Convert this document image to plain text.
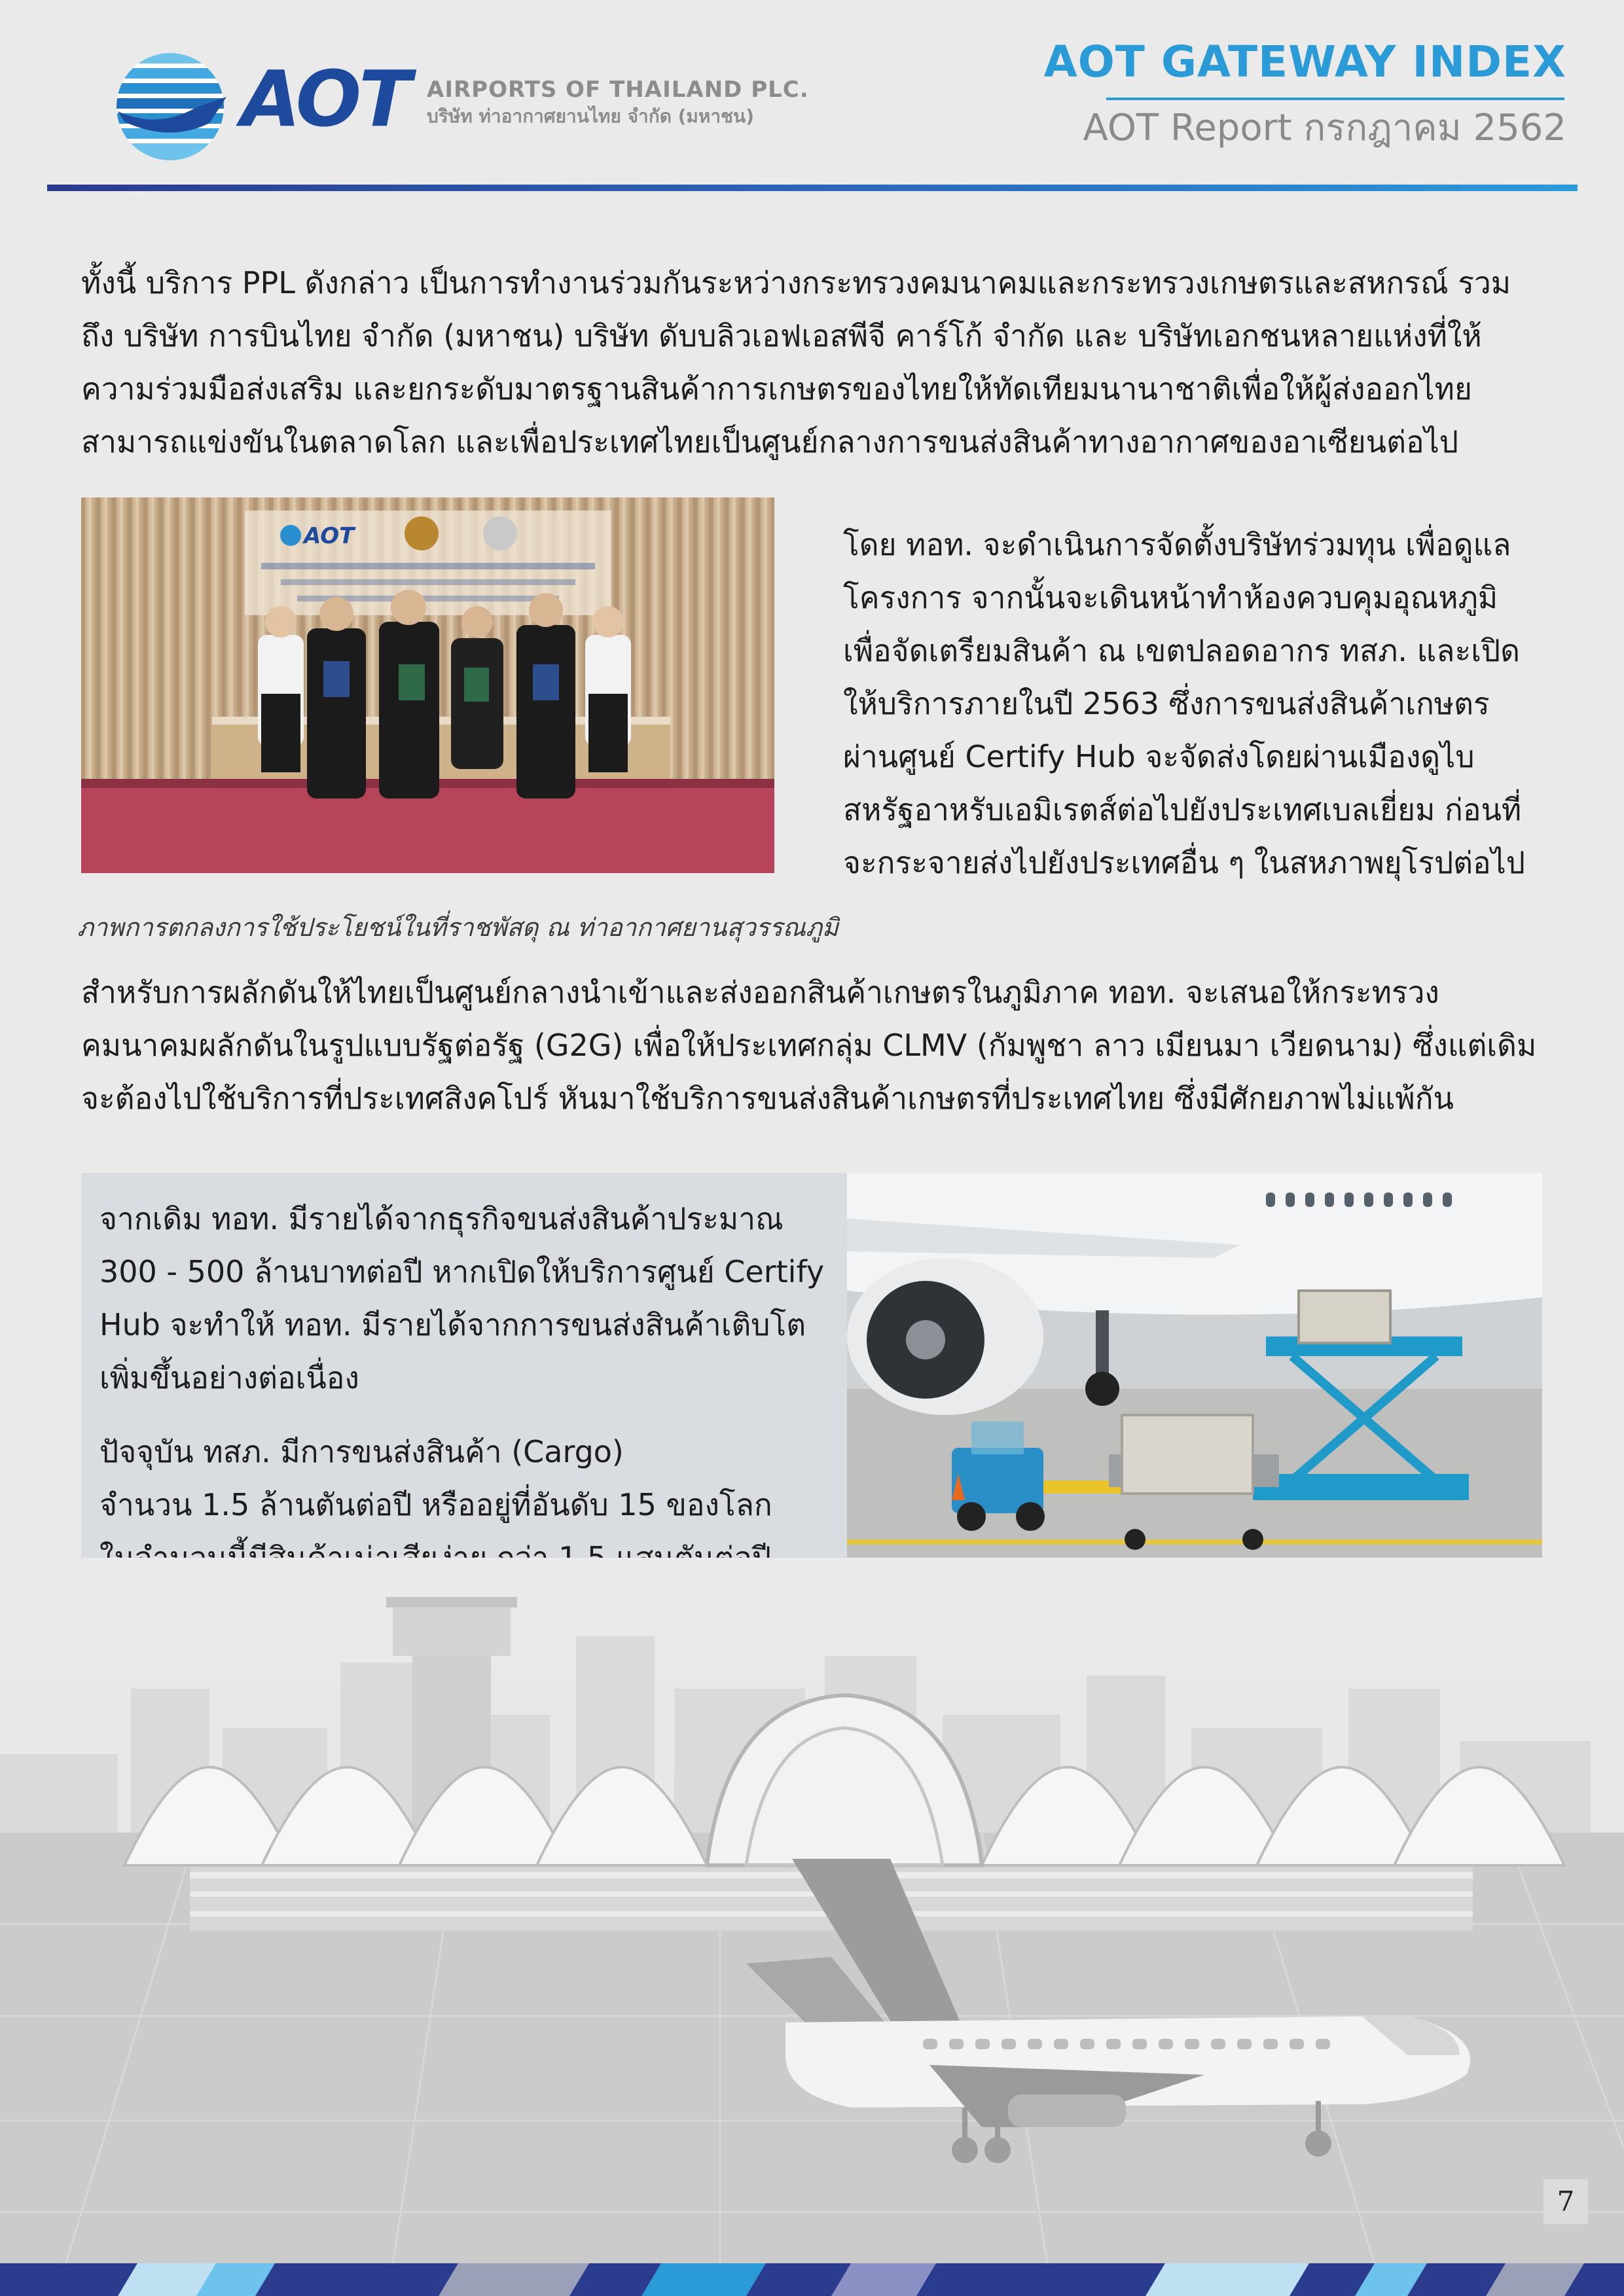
AOT AIRPORTS OF THAILAND PLC.
บริษัท ท่าอากาศยานไทย จำกัด (มหาชน)
AOT GATEWAY INDEX
AOT Report กรกฎาคม 2562

ทั้งนี้ บริการ PPL ดังกล่าว เป็นการทำงานร่วมกันระหว่างกระทรวงคมนาคมและกระทรวงเกษตรและสหกรณ์ รวมถึง บริษัท การบินไทย จำกัด (มหาชน) บริษัท ดับบลิวเอฟเอสพีจี คาร์โก้ จำกัด และ บริษัทเอกชนหลายแห่งที่ให้ความร่วมมือส่งเสริม และยกระดับมาตรฐานสินค้าการเกษตรของไทยให้ทัดเทียมนานาชาติเพื่อให้ผู้ส่งออกไทยสามารถแข่งขันในตลาดโลก และเพื่อประเทศไทยเป็นศูนย์กลางการขนส่งสินค้าทางอากาศของอาเซียนต่อไป

AOT	โดย ทอท. จะดำเนินการจัดตั้งบริษัทร่วมทุน เพื่อดูแลโครงการ จากนั้นจะเดินหน้าทำห้องควบคุมอุณหภูมิเพื่อจัดเตรียมสินค้า ณ เขตปลอดอากร ทสภ. และเปิดให้บริการภายในปี 2563 ซึ่งการขนส่งสินค้าเกษตรผ่านศูนย์ Certify Hub จะจัดส่งโดยผ่านเมืองดูไบ สหรัฐอาหรับเอมิเรตส์ต่อไปยังประเทศเบลเยี่ยม ก่อนที่จะกระจายส่งไปยังประเทศอื่น ๆ ในสหภาพยุโรปต่อไป

ภาพการตกลงการใช้ประโยชน์ในที่ราชพัสดุ ณ ท่าอากาศยานสุวรรณภูมิ

สำหรับการผลักดันให้ไทยเป็นศูนย์กลางนำเข้าและส่งออกสินค้าเกษตรในภูมิภาค ทอท. จะเสนอให้กระทรวงคมนาคมผลักดันในรูปแบบรัฐต่อรัฐ (G2G) เพื่อให้ประเทศกลุ่ม CLMV (กัมพูชา ลาว เมียนมา เวียดนาม) ซึ่งแต่เดิมจะต้องไปใช้บริการที่ประเทศสิงคโปร์ หันมาใช้บริการขนส่งสินค้าเกษตรที่ประเทศไทย ซึ่งมีศักยภาพไม่แพ้กัน

จากเดิม ทอท. มีรายได้จากธุรกิจขนส่งสินค้าประมาณ 300 - 500 ล้านบาทต่อปี หากเปิดให้บริการศูนย์ Certify Hub จะทำให้ ทอท. มีรายได้จากการขนส่งสินค้าเติบโตเพิ่มขึ้นอย่างต่อเนื่อง

ปัจจุบัน ทสภ. มีการขนส่งสินค้า (Cargo)
จำนวน 1.5 ล้านตันต่อปี หรืออยู่ที่อันดับ 15 ของโลก
7
